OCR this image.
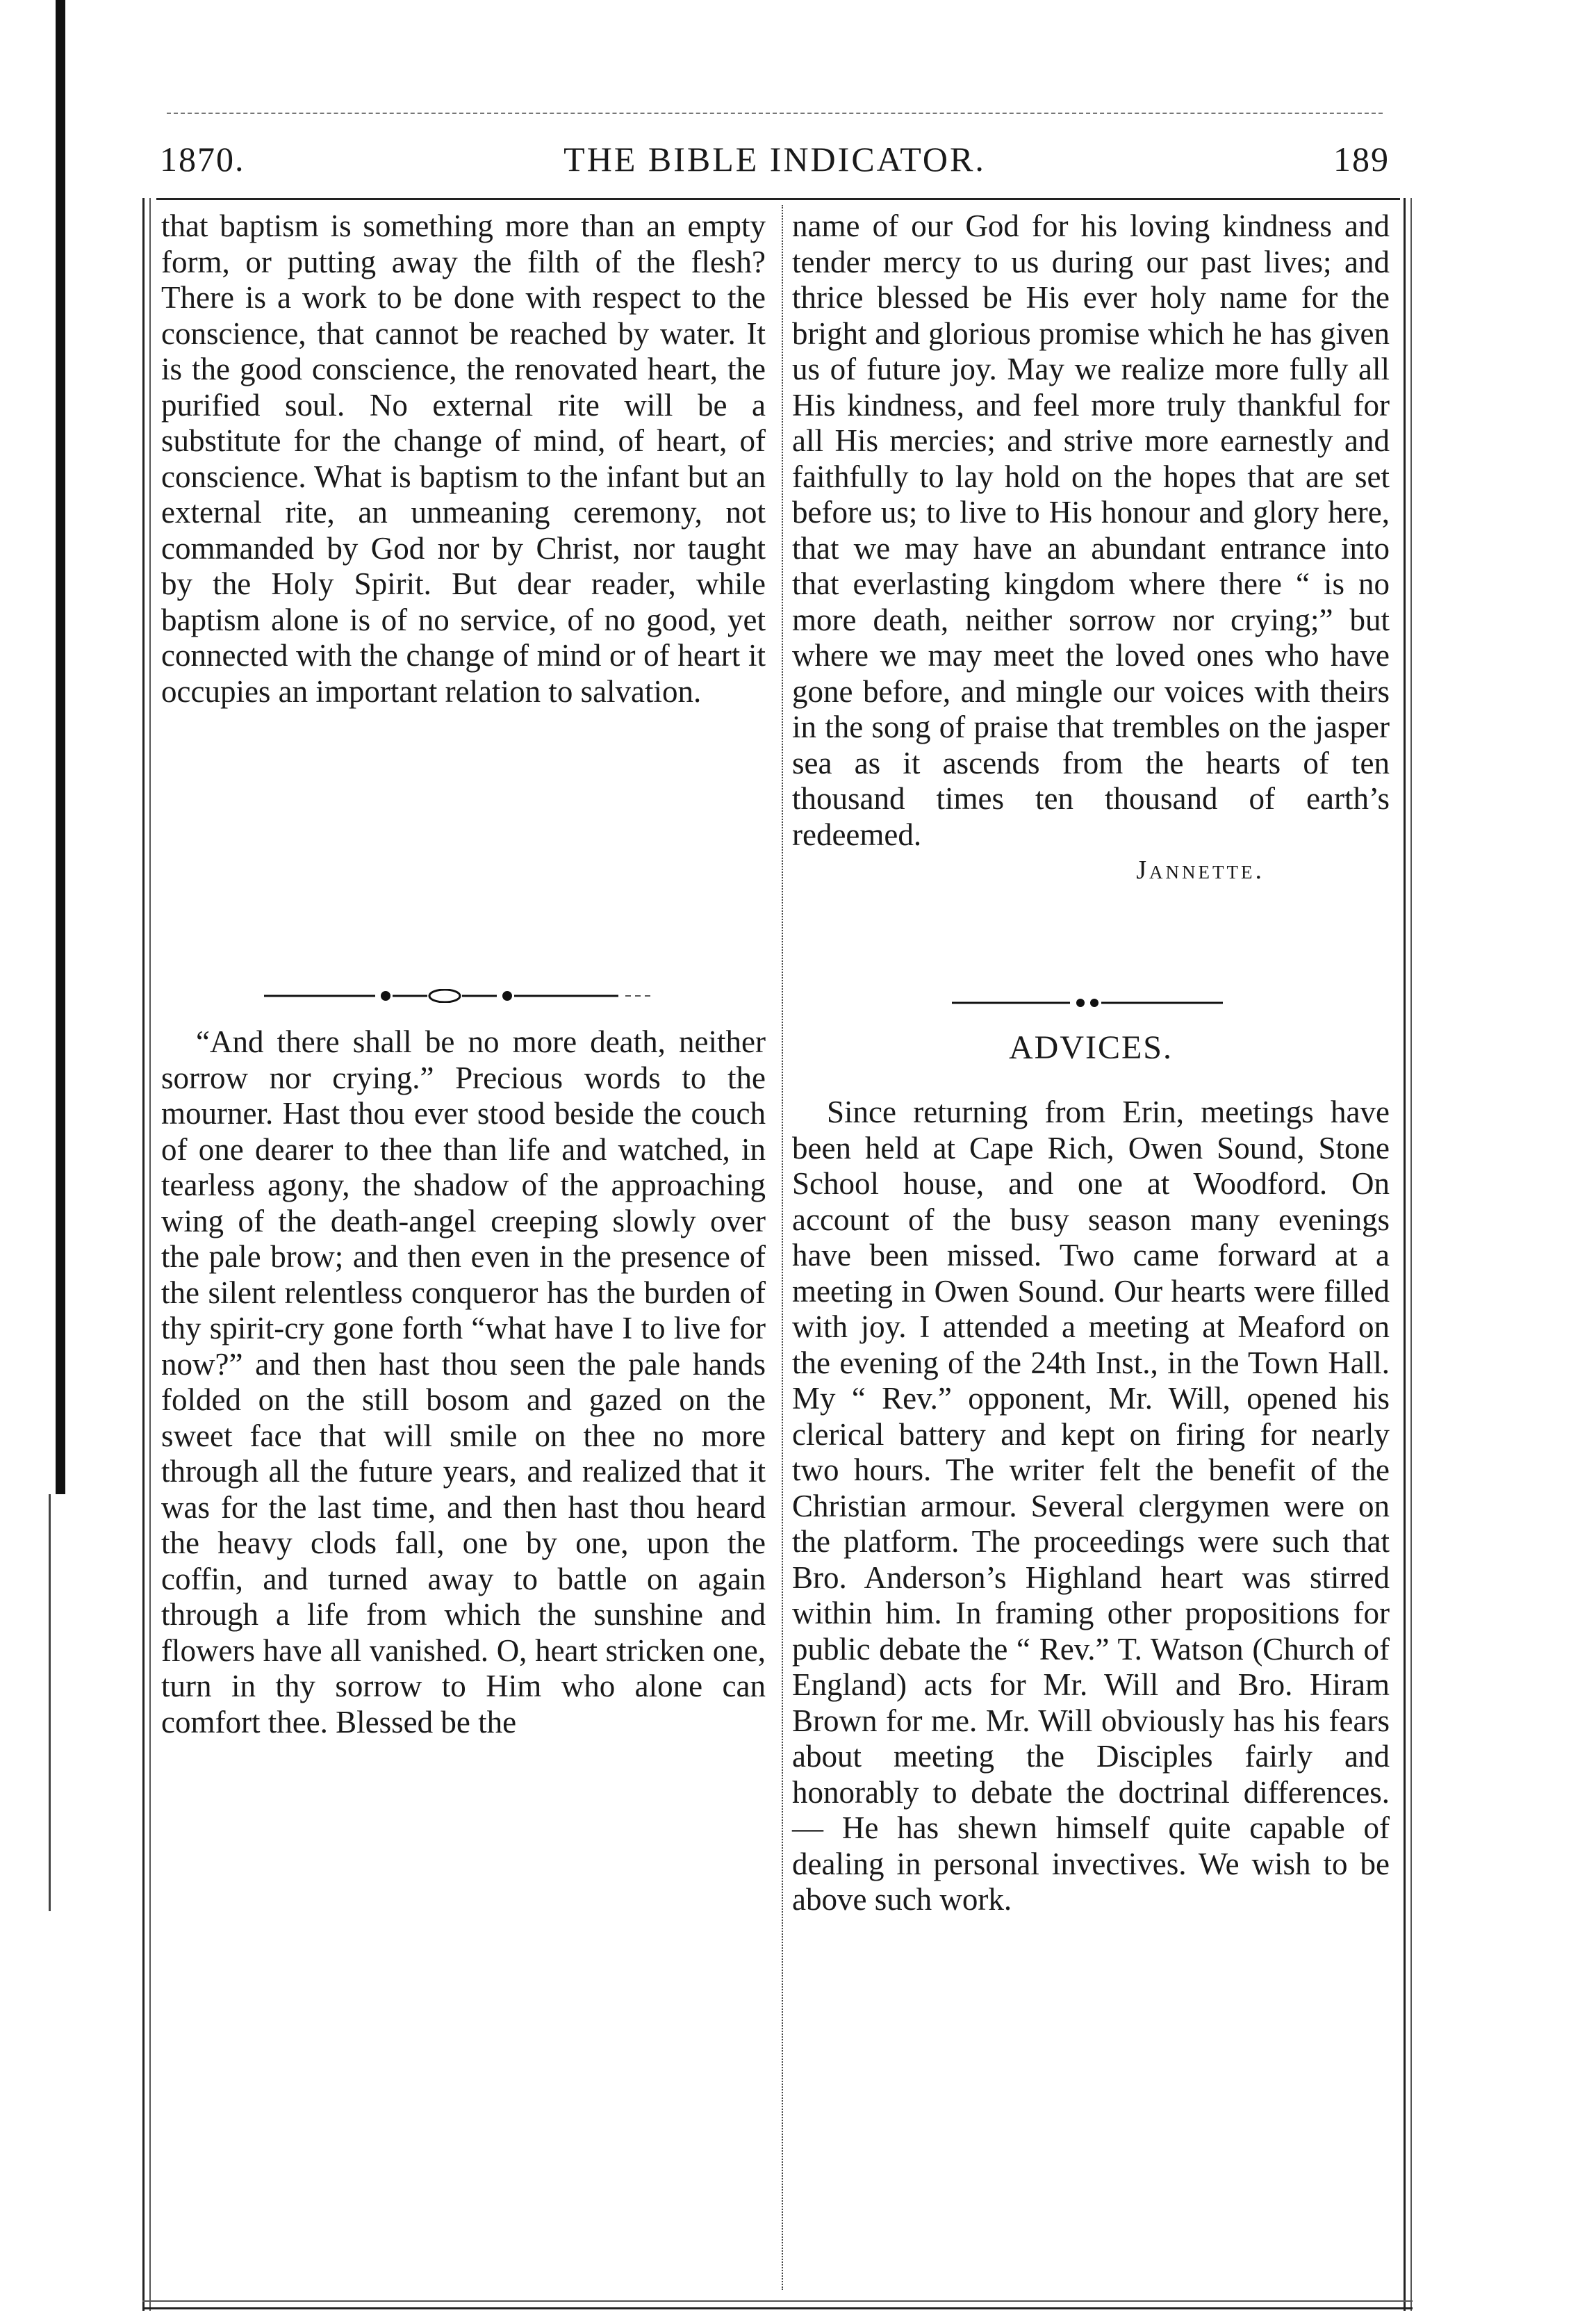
1870.	THE BIBLE INDICATOR.	189

that baptism is something more than an empty form, or putting away the filth of the flesh? There is a work to be done with respect to the conscience, that cannot be reached by water. It is the good conscience, the renovated heart, the purified soul. No external rite will be a substitute for the change of mind, of heart, of conscience. What is baptism to the infant but an external rite, an unmeaning ceremony, not commanded by God nor by Christ, nor taught by the Holy Spirit. But dear reader, while baptism alone is of no service, of no good, yet connected with the change of mind or of heart it occupies an important relation to salvation.

“And there shall be no more death, neither sorrow nor crying.” Precious words to the mourner. Hast thou ever stood beside the couch of one dearer to thee than life and watched, in tearless agony, the shadow of the approaching wing of the death-angel creeping slowly over the pale brow; and then even in the presence of the silent relentless conqueror has the burden of thy spirit-cry gone forth “what have I to live for now?” and then hast thou seen the pale hands folded on the still bosom and gazed on the sweet face that will smile on thee no more through all the future years, and realized that it was for the last time, and then hast thou heard the heavy clods fall, one by one, upon the coffin, and turned away to battle on again through a life from which the sunshine and flowers have all vanished. O, heart stricken one, turn in thy sorrow to Him who alone can comfort thee. Blessed be the

name of our God for his loving kindness and tender mercy to us during our past lives; and thrice blessed be His ever holy name for the bright and glorious promise which he has given us of future joy. May we realize more fully all His kindness, and feel more truly thankful for all His mercies; and strive more earnestly and faithfully to lay hold on the hopes that are set before us; to live to His honour and glory here, that we may have an abundant entrance into that everlasting kingdom where there “ is no more death, neither sorrow nor crying;” but where we may meet the loved ones who have gone before, and mingle our voices with theirs in the song of praise that trembles on the jasper sea as it ascends from the hearts of ten thousand times ten thousand of earth’s redeemed.

Jannette.

ADVICES.

Since returning from Erin, meetings have been held at Cape Rich, Owen Sound, Stone School house, and one at Woodford. On account of the busy season many evenings have been missed. Two came forward at a meeting in Owen Sound. Our hearts were filled with joy. I attended a meeting at Meaford on the evening of the 24th Inst., in the Town Hall. My “ Rev.” opponent, Mr. Will, opened his clerical battery and kept on firing for nearly two hours. The writer felt the benefit of the Christian armour. Several clergymen were on the platform. The proceedings were such that Bro. Anderson’s Highland heart was stirred within him. In framing other propositions for public debate the “ Rev.” T. Watson (Church of England) acts for Mr. Will and Bro. Hiram Brown for me. Mr. Will obviously has his fears about meeting the Disciples fairly and honorably to debate the doctrinal differences.— He has shewn himself quite capable of dealing in personal invectives. We wish to be above such work.
